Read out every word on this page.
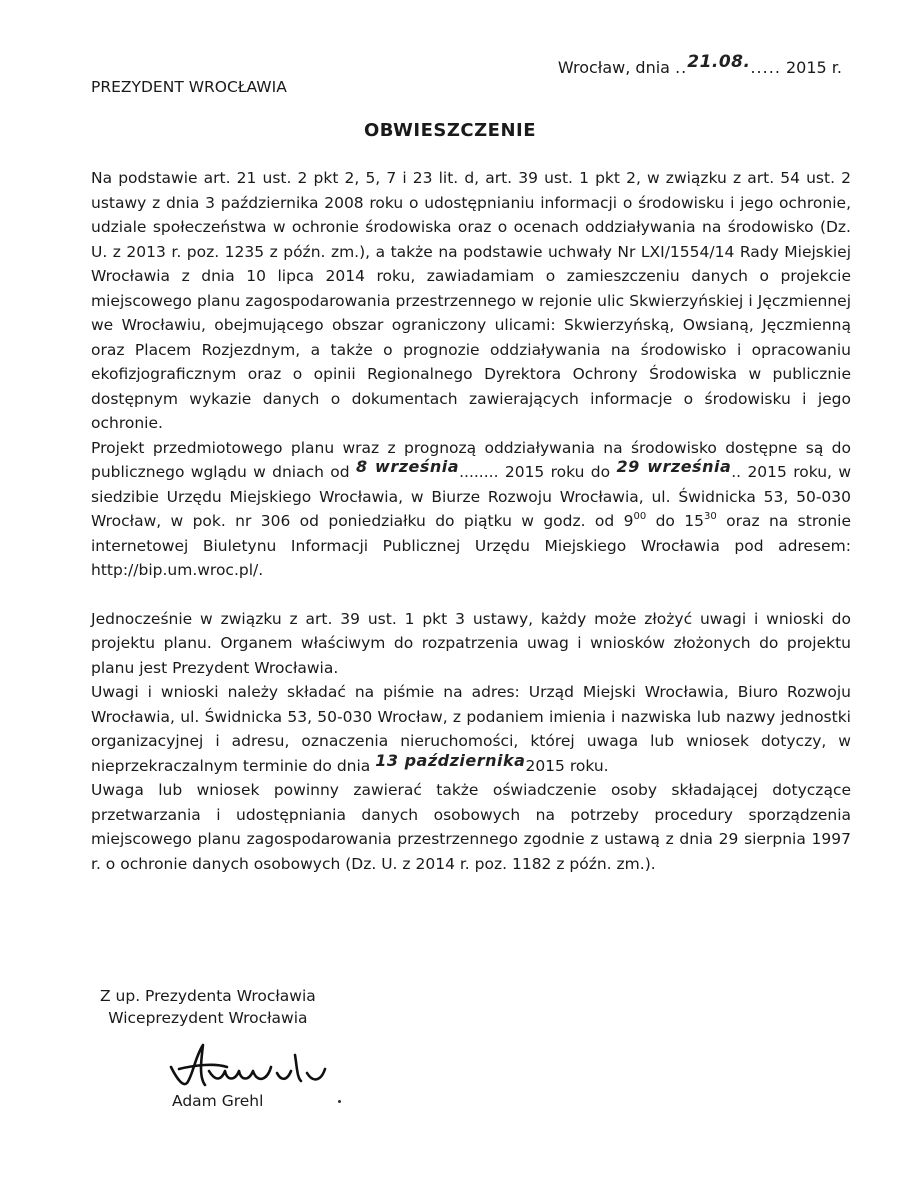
Wrocław, dnia ..21.08...... 2015 r.
PREZYDENT WROCŁAWIA
OBWIESZCZENIE

Na podstawie art. 21 ust. 2 pkt 2, 5, 7 i 23 lit. d, art. 39 ust. 1 pkt 2, w związku z art. 54 ust. 2 ustawy z dnia 3 października 2008 roku o udostępnianiu informacji o środowisku i jego ochronie, udziale społeczeństwa w ochronie środowiska oraz o ocenach oddziaływania na środowisko (Dz. U. z 2013 r. poz. 1235 z późn. zm.), a także na podstawie uchwały Nr LXI/1554/14 Rady Miejskiej Wrocławia z dnia 10 lipca 2014 roku, zawiadamiam o zamieszczeniu danych o projekcie miejscowego planu zagospodarowania przestrzennego w rejonie ulic Skwierzyńskiej i Jęczmiennej we Wrocławiu, obejmującego obszar ograniczony ulicami: Skwierzyńską, Owsianą, Jęczmienną oraz Placem Rozjezdnym, a także o prognozie oddziaływania na środowisko i opracowaniu ekofizjograficznym oraz o opinii Regionalnego Dyrektora Ochrony Środowiska w publicznie dostępnym wykazie danych o dokumentach zawierających informacje o środowisku i jego ochronie.

Projekt przedmiotowego planu wraz z prognozą oddziaływania na środowisko dostępne są do publicznego wglądu w dniach od 8 września........ 2015 roku do 29 września.. 2015 roku, w siedzibie Urzędu Miejskiego Wrocławia, w Biurze Rozwoju Wrocławia, ul. Świdnicka 53, 50-030 Wrocław, w pok. nr 306 od poniedziałku do piątku w godz. od $9^{00}$ do $15^{30}$ oraz na stronie internetowej Biuletynu Informacji Publicznej Urzędu Miejskiego Wrocławia pod adresem: http://bip.um.wroc.pl/.

Jednocześnie w związku z art. 39 ust. 1 pkt 3 ustawy, każdy może złożyć uwagi i wnioski do projektu planu. Organem właściwym do rozpatrzenia uwag i wniosków złożonych do projektu planu jest Prezydent Wrocławia.

Uwagi i wnioski należy składać na piśmie na adres: Urząd Miejski Wrocławia, Biuro Rozwoju Wrocławia, ul. Świdnicka 53, 50-030 Wrocław, z podaniem imienia i nazwiska lub nazwy jednostki organizacyjnej i adresu, oznaczenia nieruchomości, której uwaga lub wniosek dotyczy, w nieprzekraczalnym terminie do dnia 13 października2015 roku.

Uwaga lub wniosek powinny zawierać także oświadczenie osoby składającej dotyczące przetwarzania i udostępniania danych osobowych na potrzeby procedury sporządzenia miejscowego planu zagospodarowania przestrzennego zgodnie z ustawą z dnia 29 sierpnia 1997 r. o ochronie danych osobowych (Dz. U. z 2014 r. poz. 1182 z późn. zm.).

Z up. Prezydenta Wrocławia
Wiceprezydent Wrocławia
Adam Grehl
